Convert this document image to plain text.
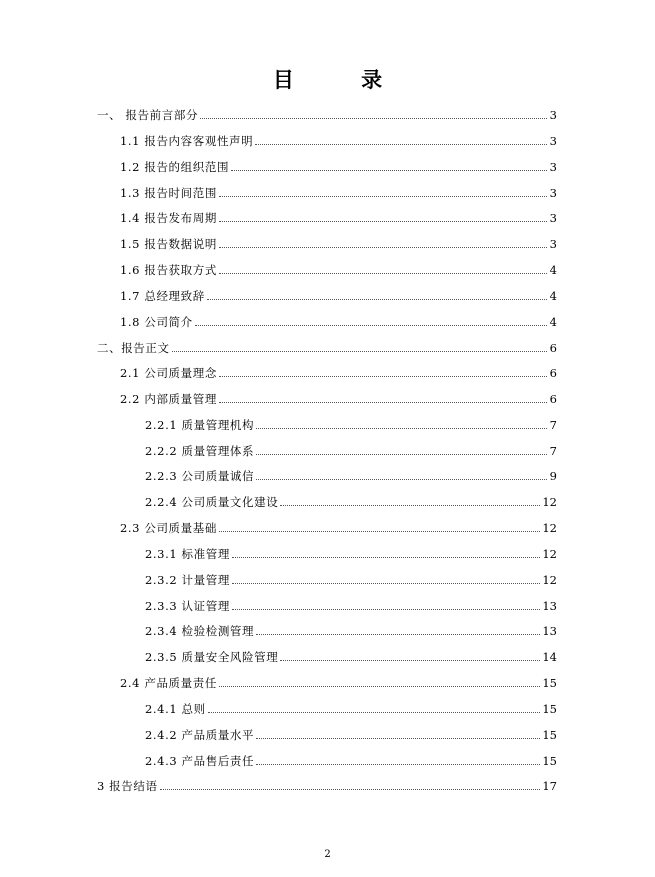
目 录
一、 报告前言部分	3
1.1 报告内容客观性声明	3
1.2 报告的组织范围	3
1.3 报告时间范围	3
1.4 报告发布周期	3
1.5 报告数据说明	3
1.6 报告获取方式	4
1.7 总经理致辞	4
1.8 公司简介	4
二、报告正文	6
2.1 公司质量理念	6
2.2 内部质量管理	6
2.2.1 质量管理机构	7
2.2.2 质量管理体系	7
2.2.3 公司质量诚信	9
2.2.4 公司质量文化建设	12
2.3 公司质量基础	12
2.3.1 标准管理	12
2.3.2 计量管理	12
2.3.3 认证管理	13
2.3.4 检验检测管理	13
2.3.5 质量安全风险管理	14
2.4 产品质量责任	15
2.4.1 总则	15
2.4.2 产品质量水平	15
2.4.3 产品售后责任	15
3 报告结语	17
2
